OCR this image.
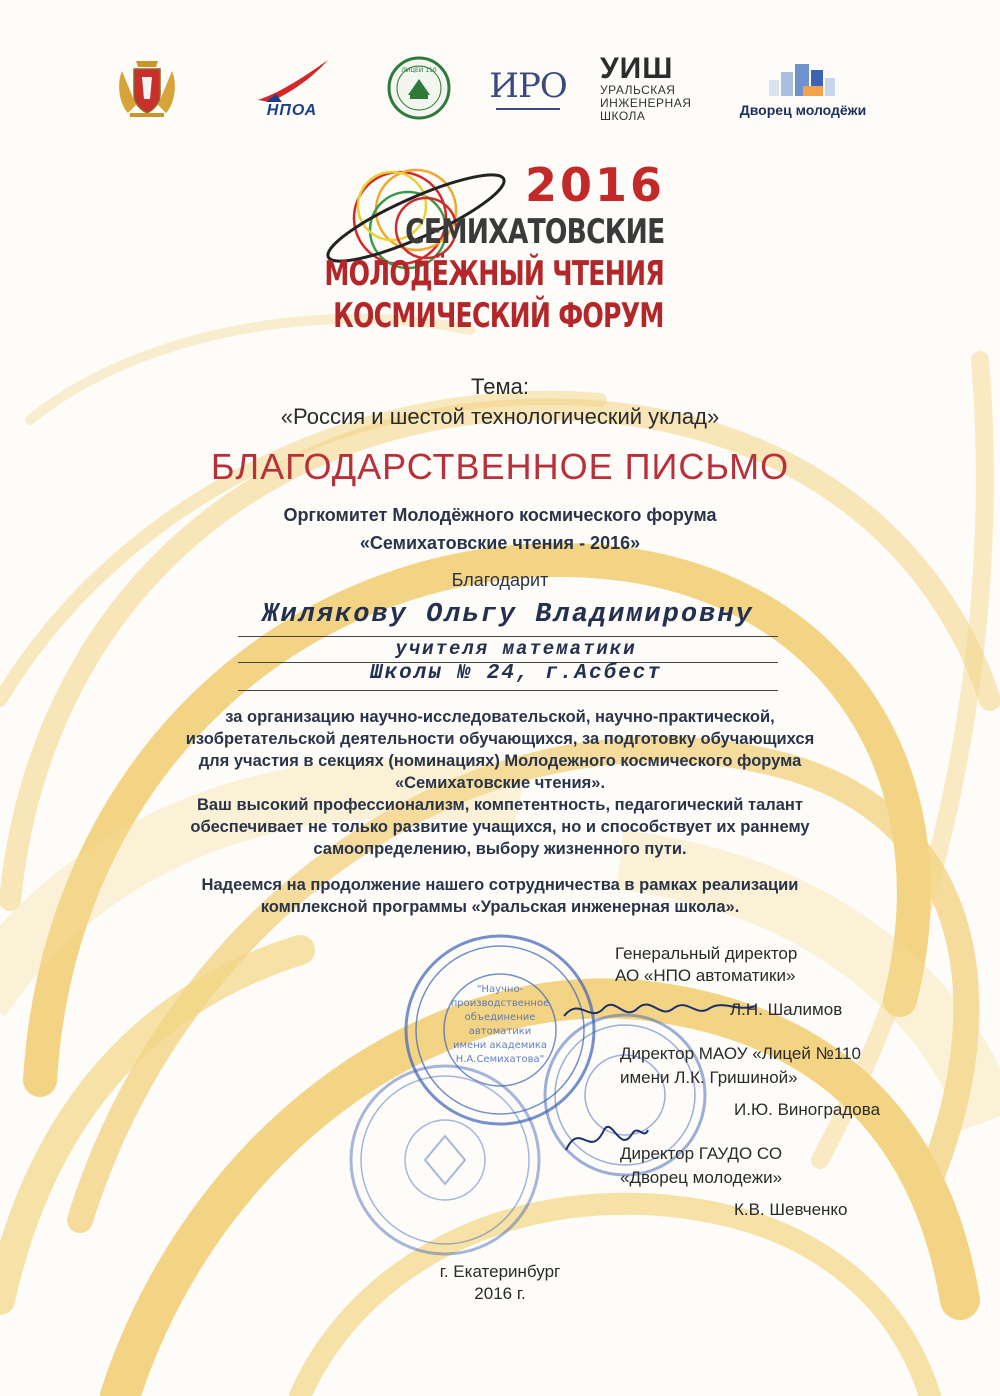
НПОА
ЛИЦЕЙ 110 ИРО УИШ
УРАЛЬСКАЯ
ИНЖЕНЕРНАЯ
ШКОЛА	Дворец молодёжи
2016
СЕМИХАТОВСКИЕ
МОЛОДЁЖНЫЙ ЧТЕНИЯ
КОСМИЧЕСКИЙ ФОРУМ
Тема:
«Россия и шестой технологический уклад»
БЛАГОДАРСТВЕННОЕ ПИСЬМО
Оргкомитет Молодёжного космического форума
«Семихатовские чтения - 2016»
Благодарит
Жилякову Ольгу Владимировну
учителя математики
Школы № 24, г.Асбест
за организацию научно-исследовательской, научно-практической,
изобретательской деятельности обучающихся, за подготовку обучающихся
для участия в секциях (номинациях) Молодежного космического форума
«Семихатовские чтения».
Ваш высокий профессионализм, компетентность, педагогический талант
обеспечивает не только развитие учащихся, но и способствует их раннему
самоопределению, выбору жизненного пути.
Надеемся на продолжение нашего сотрудничества в рамках реализации
комплексной программы «Уральская инженерная школа».
"Научно-
производственное
объединение
автоматики
имени академика
Н.А.Семихатова"
Генеральный директор
АО «НПО автоматики»
Л.Н. Шалимов
Директор МАОУ «Лицей №110
имени Л.К. Гришиной»
И.Ю. Виноградова
Директор ГАУДО СО
«Дворец молодежи»
К.В. Шевченко
г. Екатеринбург
2016 г.
